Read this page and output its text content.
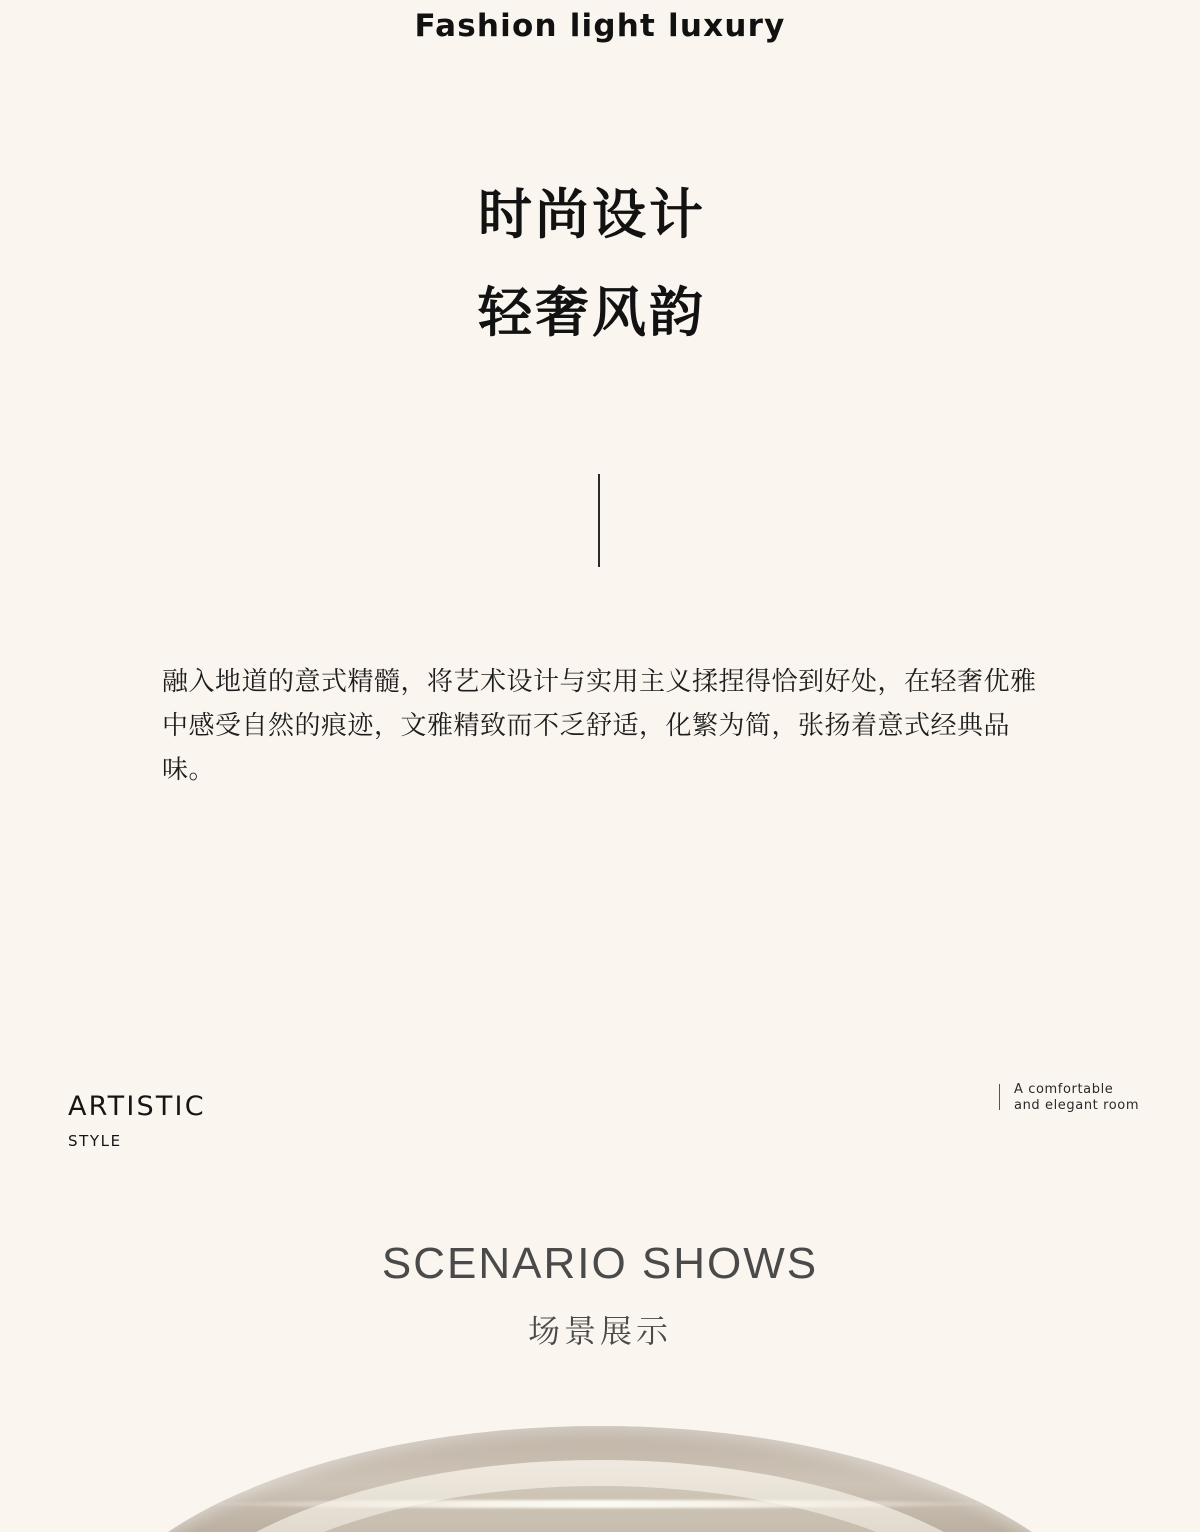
Fashion light luxury
时尚设计
轻奢风韵
融入地道的意式精髓，将艺术设计与实用主义揉捏得恰到好处，在轻奢优雅中感受自然的痕迹，文雅精致而不乏舒适，化繁为简，张扬着意式经典品味。
ARTISTIC
STYLE
A comfortable and elegant room
SCENARIO SHOWS
场景展示
